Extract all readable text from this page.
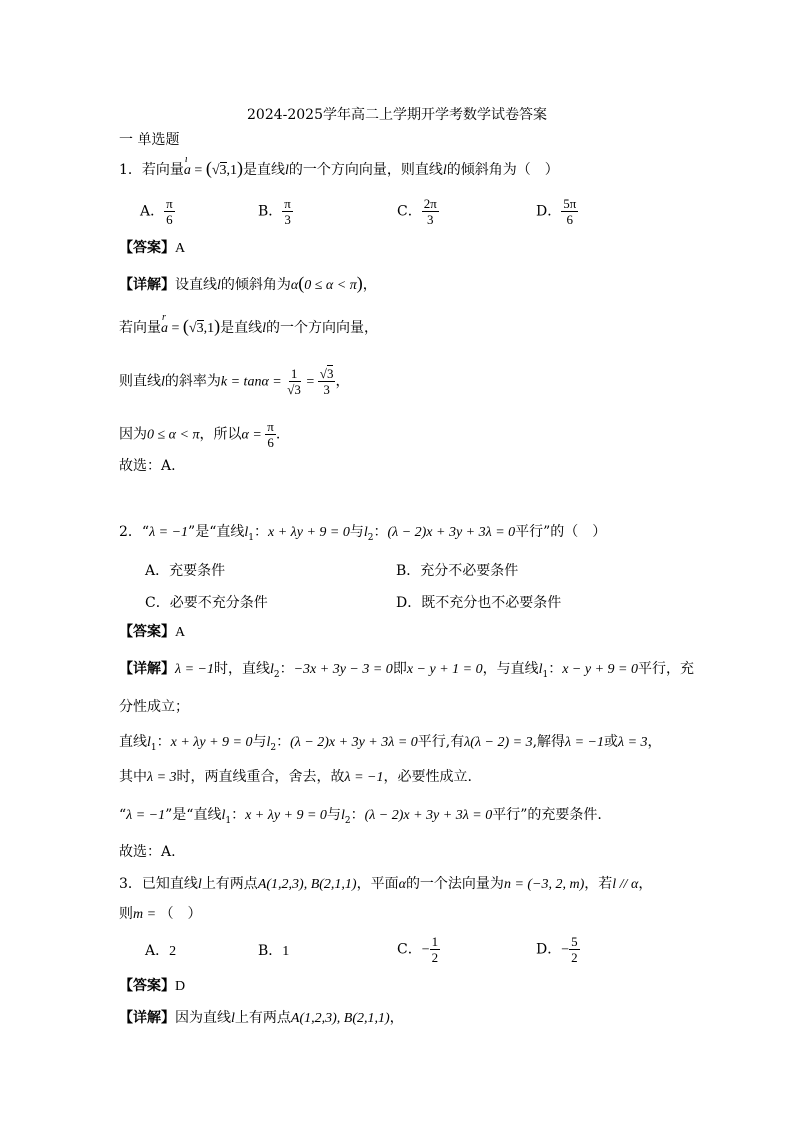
2024-2025学年高二上学期开学考数学试卷答案
一 单选题
1．若向量
ı
a = (√3,1)是直线l的一个方向向量，则直线l的倾斜角为（　）
A． $\frac{\pi}{6}$	B． $\frac{\pi}{3}$	C． $\frac{2\pi}{3}$	D． $\frac{5\pi}{6}$
【答案】A
【详解】设直线l的倾斜角为α(0 ≤ α < π)，
若向量
r
a = (√3,1)是直线l的一个方向向量，
则直线l的斜率为$k = \tan\alpha = \frac{1}{√3} = \frac{√3}{3}$ ，
因为0 ≤ α < π，所以$\alpha = \frac{\pi}{6}$ .
故选：A.
2．“λ = −1”是“直线$l_1$：x + λy + 9 = 0与$l_2$：(λ − 2)x + 3y + 3λ = 0平行”的（　）
A．充要条件	B．充分不必要条件
C．必要不充分条件	D．既不充分也不必要条件
【答案】A
【详解】λ = −1时，直线$l_2$：−3x + 3y − 3 = 0即x − y + 1 = 0，与直线$l_1$：x − y + 9 = 0平行，充
分性成立；
直线$l_1$：x + λy + 9 = 0与$l_2$：(λ − 2)x + 3y + 3λ = 0平行,有λ(λ − 2) = 3,解得λ = −1或λ = 3，
其中λ = 3时，两直线重合，舍去，故λ = −1，必要性成立.
“λ = −1”是“直线$l_1$：x + λy + 9 = 0与$l_2$：(λ − 2)x + 3y + 3λ = 0平行”的充要条件.
故选：A.
3．已知直线l上有两点A(1,2,3), B(2,1,1)，平面α的一个法向量为n = (−3, 2, m)，若l // α，
则m = （　）
A．2	B．1	C．− $\frac{1}{2}$	D．− $\frac{5}{2}$
【答案】D
【详解】因为直线l上有两点A(1,2,3), B(2,1,1)，
